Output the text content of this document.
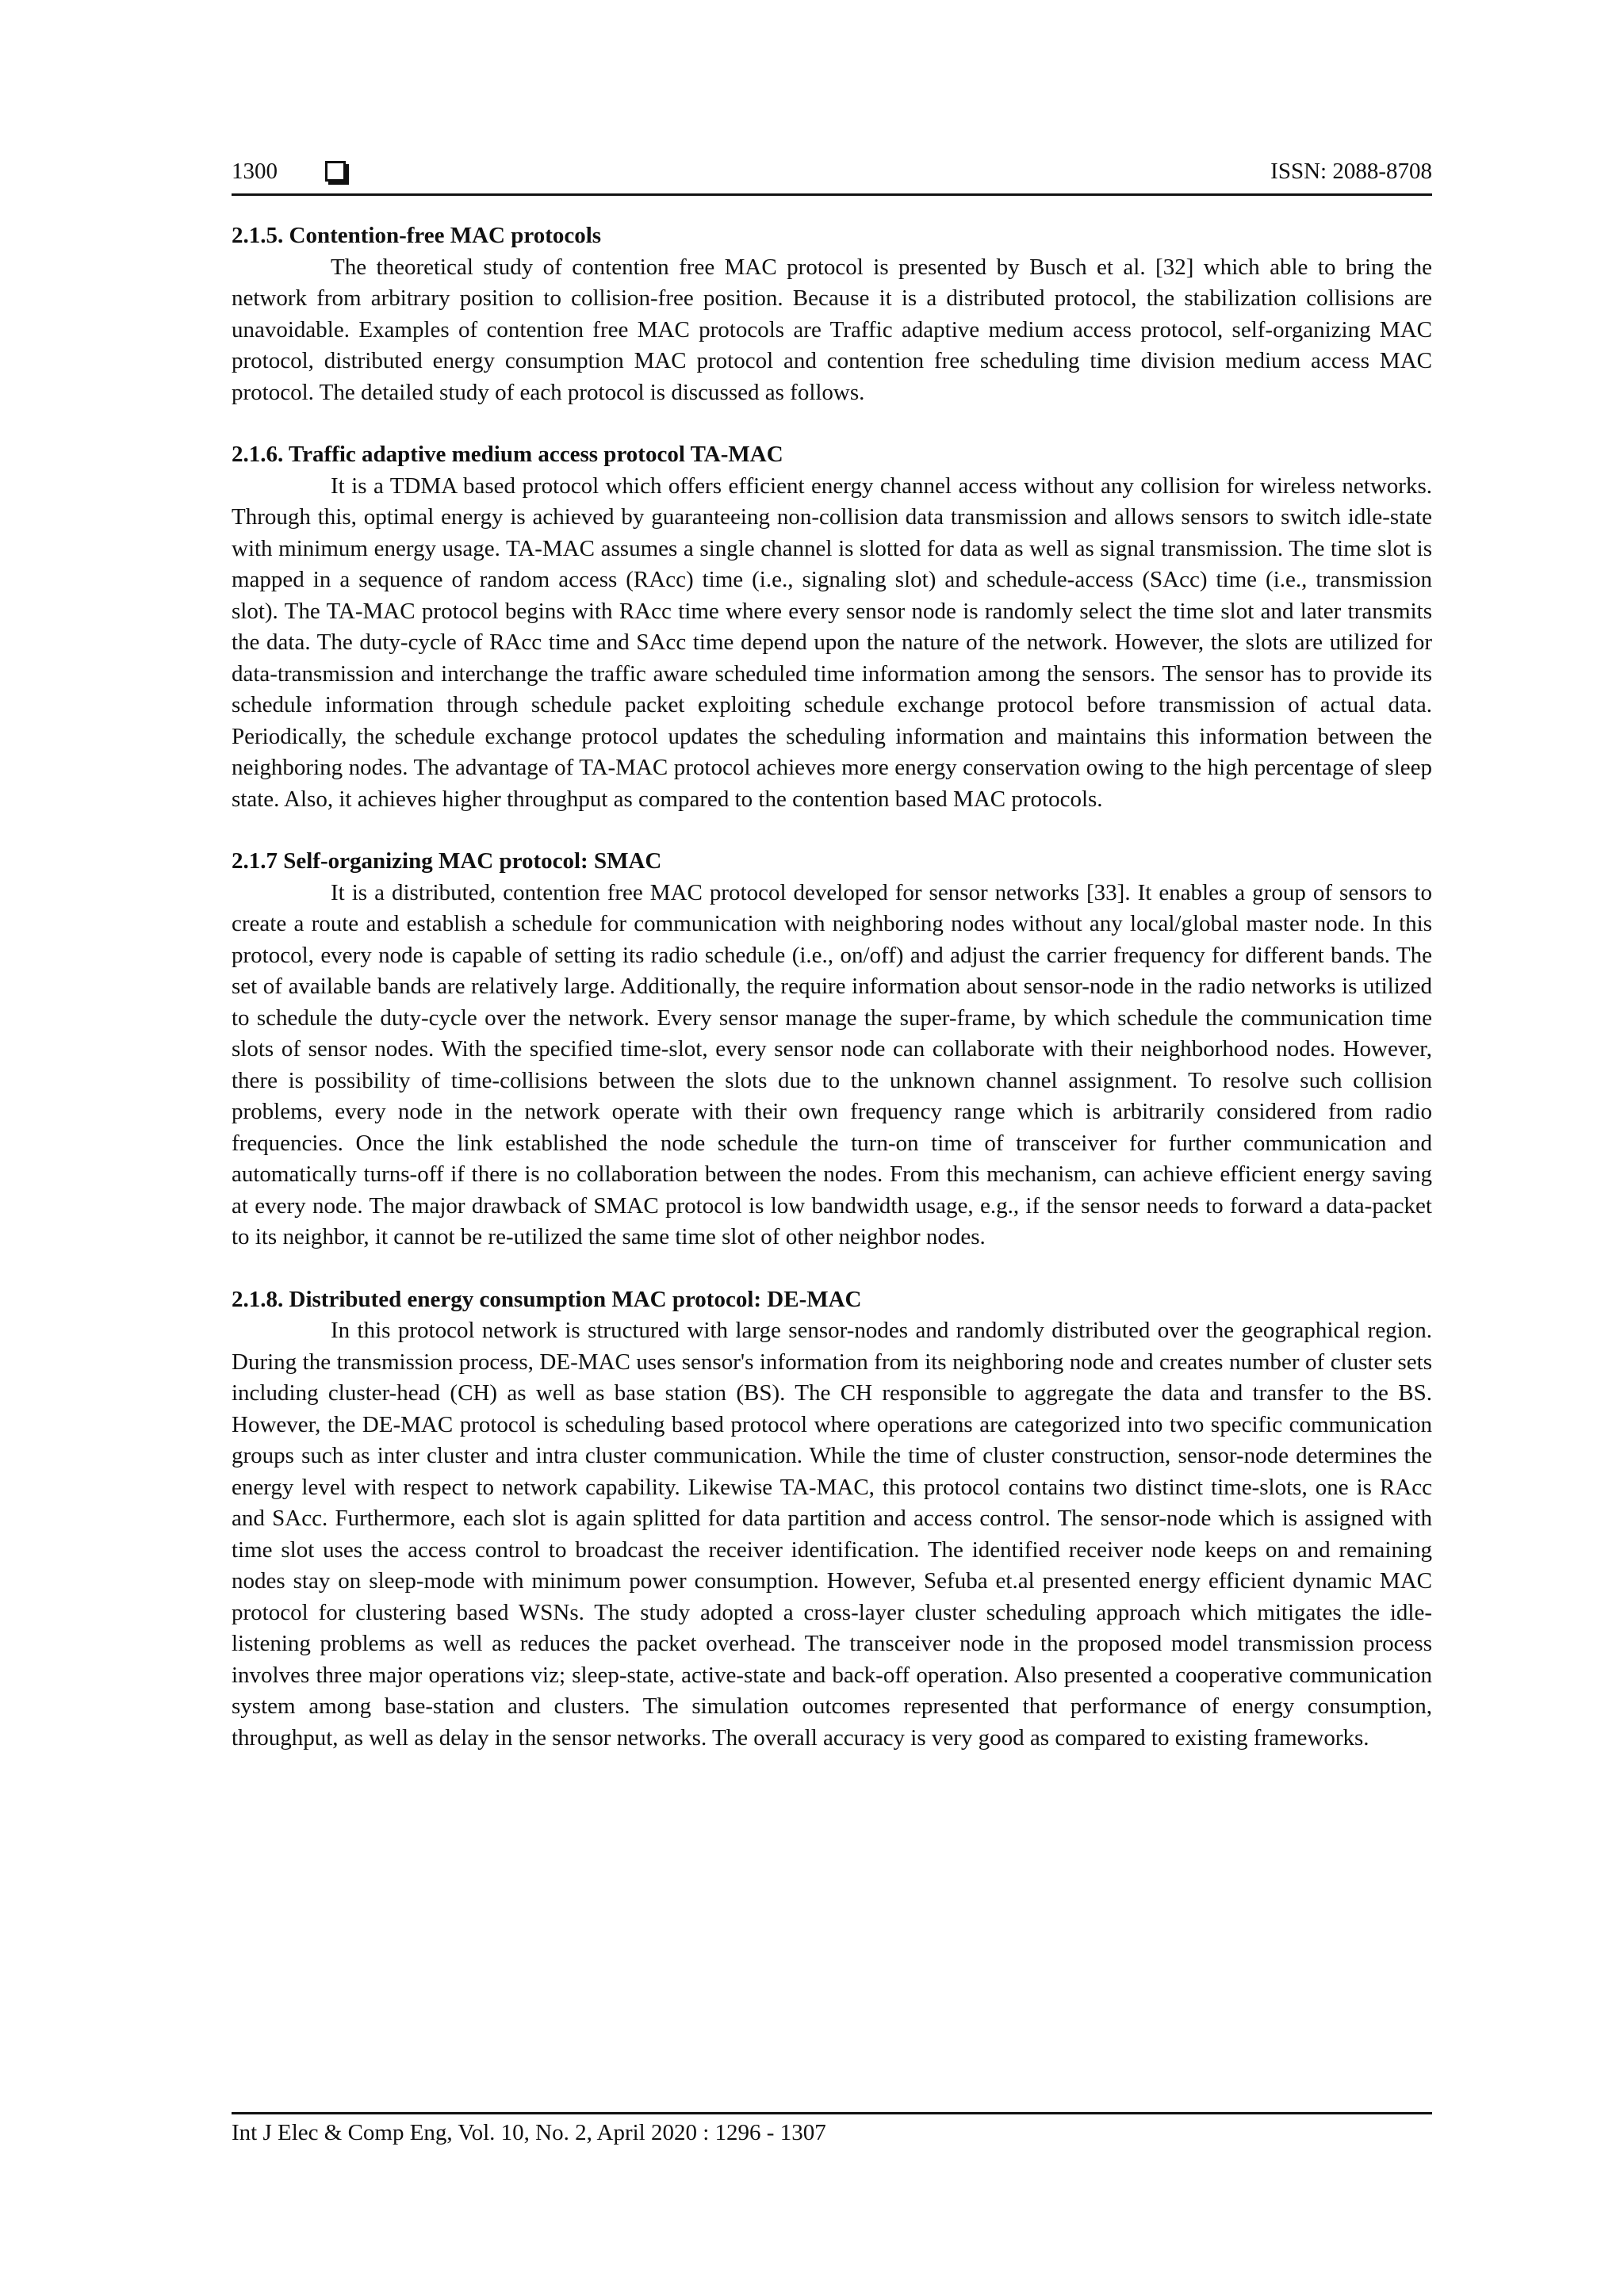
1300	ISSN: 2088-8708
2.1.5. Contention-free MAC protocols

The theoretical study of contention free MAC protocol is presented by Busch et al. [32] which able to bring the network from arbitrary position to collision-free position. Because it is a distributed protocol, the stabilization collisions are unavoidable. Examples of contention free MAC protocols are Traffic adaptive medium access protocol, self-organizing MAC protocol, distributed energy consumption MAC protocol and contention free scheduling time division medium access MAC protocol. The detailed study of each protocol is discussed as follows.

2.1.6. Traffic adaptive medium access protocol TA-MAC

It is a TDMA based protocol which offers efficient energy channel access without any collision for wireless networks. Through this, optimal energy is achieved by guaranteeing non-collision data transmission and allows sensors to switch idle-state with minimum energy usage. TA-MAC assumes a single channel is slotted for data as well as signal transmission. The time slot is mapped in a sequence of random access (RAcc) time (i.e., signaling slot) and schedule-access (SAcc) time (i.e., transmission slot). The TA-MAC protocol begins with RAcc time where every sensor node is randomly select the time slot and later transmits the data. The duty-cycle of RAcc time and SAcc time depend upon the nature of the network. However, the slots are utilized for data-transmission and interchange the traffic aware scheduled time information among the sensors. The sensor has to provide its schedule information through schedule packet exploiting schedule exchange protocol before transmission of actual data. Periodically, the schedule exchange protocol updates the scheduling information and maintains this information between the neighboring nodes. The advantage of TA-MAC protocol achieves more energy conservation owing to the high percentage of sleep state. Also, it achieves higher throughput as compared to the contention based MAC protocols.

2.1.7 Self-organizing MAC protocol: SMAC

It is a distributed, contention free MAC protocol developed for sensor networks [33]. It enables a group of sensors to create a route and establish a schedule for communication with neighboring nodes without any local/global master node. In this protocol, every node is capable of setting its radio schedule (i.e., on/off) and adjust the carrier frequency for different bands. The set of available bands are relatively large. Additionally, the require information about sensor-node in the radio networks is utilized to schedule the duty-cycle over the network. Every sensor manage the super-frame, by which schedule the communication time slots of sensor nodes. With the specified time-slot, every sensor node can collaborate with their neighborhood nodes. However, there is possibility of time-collisions between the slots due to the unknown channel assignment. To resolve such collision problems, every node in the network operate with their own frequency range which is arbitrarily considered from radio frequencies. Once the link established the node schedule the turn-on time of transceiver for further communication and automatically turns-off if there is no collaboration between the nodes. From this mechanism, can achieve efficient energy saving at every node. The major drawback of SMAC protocol is low bandwidth usage, e.g., if the sensor needs to forward a data-packet to its neighbor, it cannot be re-utilized the same time slot of other neighbor nodes.

2.1.8. Distributed energy consumption MAC protocol: DE-MAC

In this protocol network is structured with large sensor-nodes and randomly distributed over the geographical region. During the transmission process, DE-MAC uses sensor's information from its neighboring node and creates number of cluster sets including cluster-head (CH) as well as base station (BS). The CH responsible to aggregate the data and transfer to the BS. However, the DE-MAC protocol is scheduling based protocol where operations are categorized into two specific communication groups such as inter cluster and intra cluster communication. While the time of cluster construction, sensor-node determines the energy level with respect to network capability. Likewise TA-MAC, this protocol contains two distinct time-slots, one is RAcc and SAcc. Furthermore, each slot is again splitted for data partition and access control. The sensor-node which is assigned with time slot uses the access control to broadcast the receiver identification. The identified receiver node keeps on and remaining nodes stay on sleep-mode with minimum power consumption. However, Sefuba et.al presented energy efficient dynamic MAC protocol for clustering based WSNs. The study adopted a cross-layer cluster scheduling approach which mitigates the idle-listening problems as well as reduces the packet overhead. The transceiver node in the proposed model transmission process involves three major operations viz; sleep-state, active-state and back-off operation. Also presented a cooperative communication system among base-station and clusters. The simulation outcomes represented that performance of energy consumption, throughput, as well as delay in the sensor networks. The overall accuracy is very good as compared to existing frameworks.

Int J Elec & Comp Eng, Vol. 10, No. 2, April 2020 : 1296 - 1307
